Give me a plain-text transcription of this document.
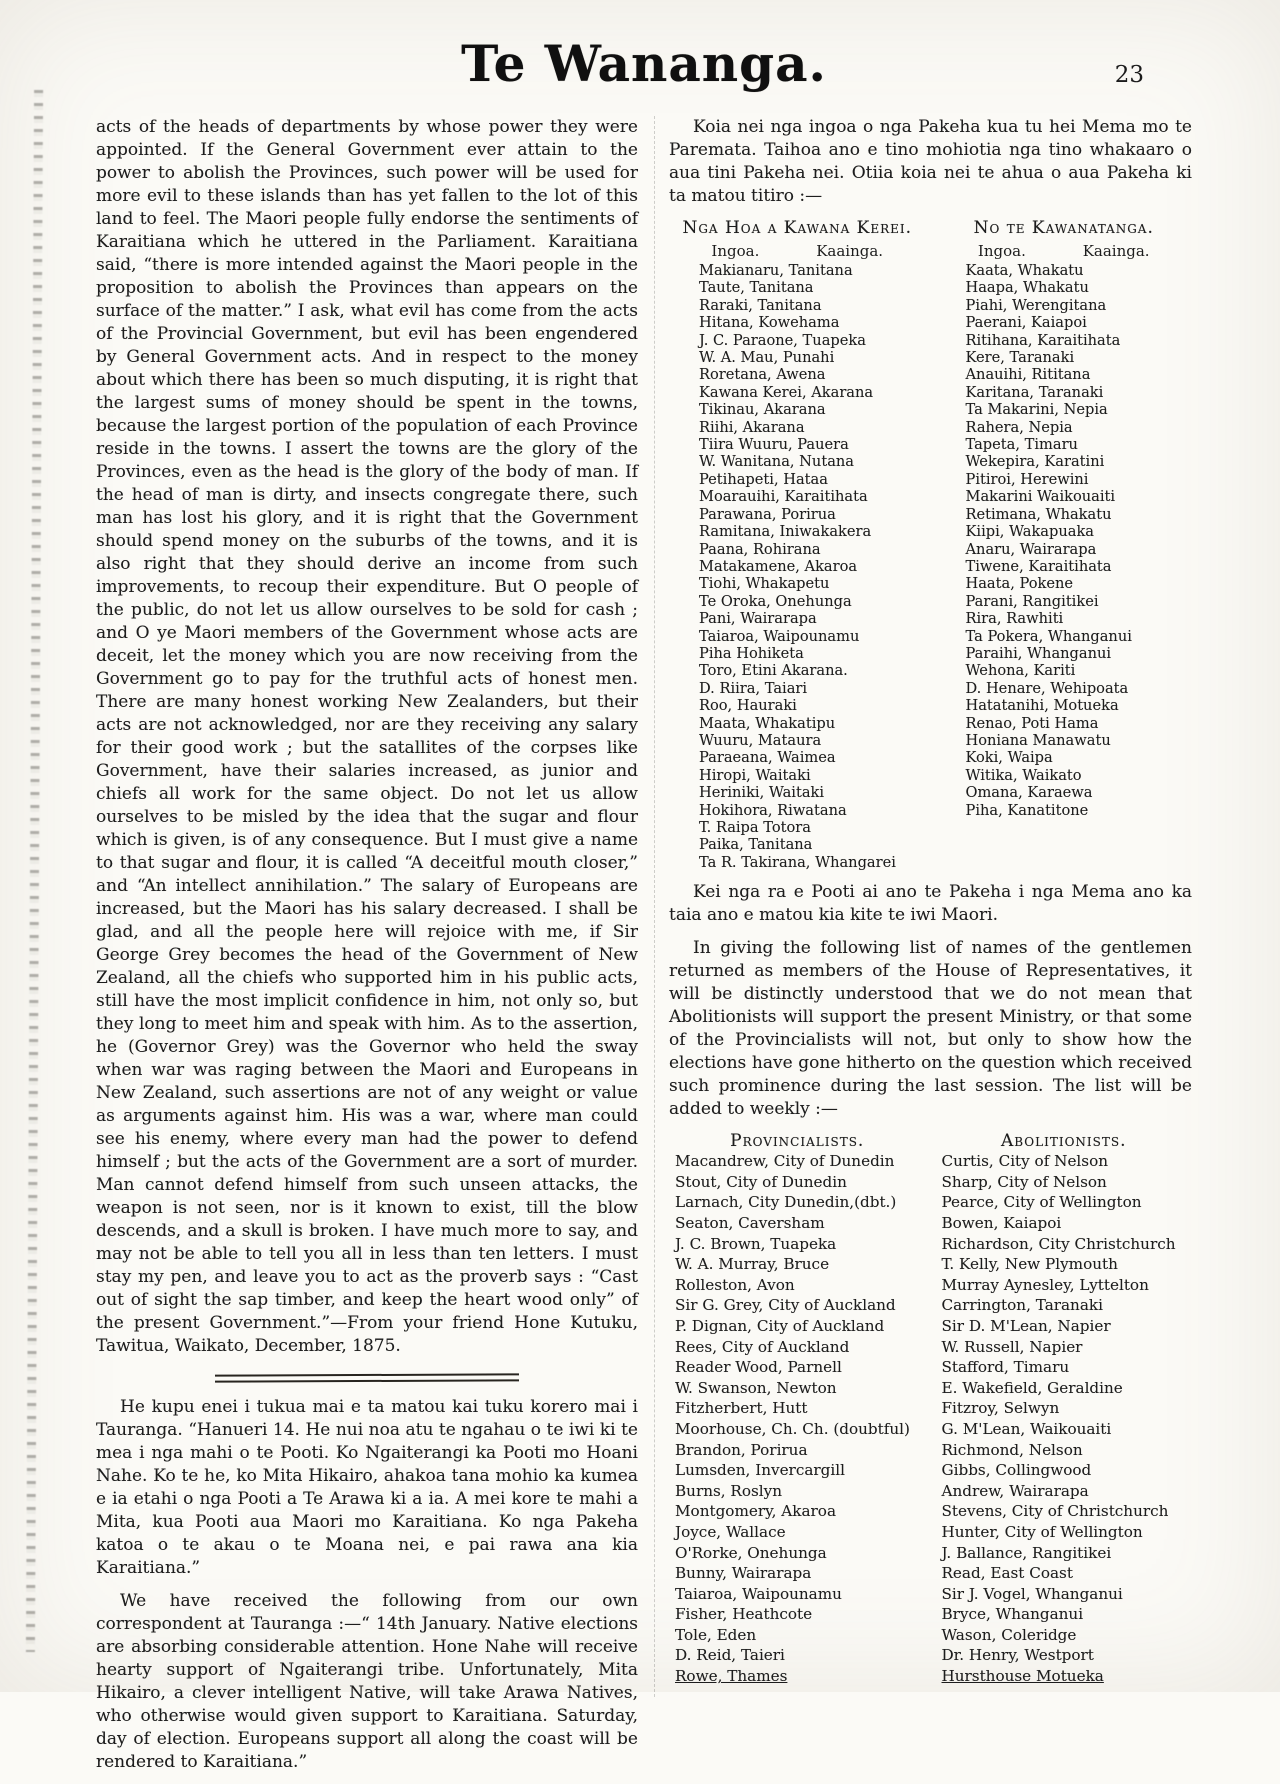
Te Wananga.	23

acts of the heads of departments by whose power they were appointed. If the General Government ever attain to the power to abolish the Provinces, such power will be used for more evil to these islands than has yet fallen to the lot of this land to feel. The Maori people fully endorse the sentiments of Karaitiana which he uttered in the Parliament. Karaitiana said, “there is more intended against the Maori people in the proposition to abolish the Provinces than appears on the surface of the matter.” I ask, what evil has come from the acts of the Provincial Government, but evil has been engendered by General Government acts. And in respect to the money about which there has been so much disputing, it is right that the largest sums of money should be spent in the towns, because the largest portion of the population of each Province reside in the towns. I assert the towns are the glory of the Provinces, even as the head is the glory of the body of man. If the head of man is dirty, and insects congregate there, such man has lost his glory, and it is right that the Government should spend money on the suburbs of the towns, and it is also right that they should derive an income from such improvements, to recoup their expenditure. But O people of the public, do not let us allow ourselves to be sold for cash ; and O ye Maori members of the Government whose acts are deceit, let the money which you are now receiving from the Government go to pay for the truthful acts of honest men. There are many honest working New Zealanders, but their acts are not acknowledged, nor are they receiving any salary for their good work ; but the satallites of the corpses like Government, have their salaries increased, as junior and chiefs all work for the same object. Do not let us allow ourselves to be misled by the idea that the sugar and flour which is given, is of any consequence. But I must give a name to that sugar and flour, it is called “A deceitful mouth closer,” and “An intellect annihilation.” The salary of Europeans are increased, but the Maori has his salary decreased. I shall be glad, and all the people here will rejoice with me, if Sir George Grey becomes the head of the Government of New Zealand, all the chiefs who supported him in his public acts, still have the most implicit confidence in him, not only so, but they long to meet him and speak with him. As to the assertion, he (Governor Grey) was the Governor who held the sway when war was raging between the Maori and Europeans in New Zealand, such assertions are not of any weight or value as arguments against him. His was a war, where man could see his enemy, where every man had the power to defend himself ; but the acts of the Government are a sort of murder. Man cannot defend himself from such unseen attacks, the weapon is not seen, nor is it known to exist, till the blow descends, and a skull is broken. I have much more to say, and may not be able to tell you all in less than ten letters. I must stay my pen, and leave you to act as the proverb says : “Cast out of sight the sap timber, and keep the heart wood only” of the present Government.”—From your friend Hone Kutuku, Tawitua, Waikato, December, 1875.

He kupu enei i tukua mai e ta matou kai tuku korero mai i Tauranga. “Hanueri 14. He nui noa atu te ngahau o te iwi ki te mea i nga mahi o te Pooti. Ko Ngaiterangi ka Pooti mo Hoani Nahe. Ko te he, ko Mita Hikairo, ahakoa tana mohio ka kumea e ia etahi o nga Pooti a Te Arawa ki a ia. A mei kore te mahi a Mita, kua Pooti aua Maori mo Karaitiana. Ko nga Pakeha katoa o te akau o te Moana nei, e pai rawa ana kia Karaitiana.”

We have received the following from our own correspondent at Tauranga :—“ 14th January. Native elections are absorbing considerable attention. Hone Nahe will receive hearty support of Ngaiterangi tribe. Unfortunately, Mita Hikairo, a clever intelligent Native, will take Arawa Natives, who otherwise would given support to Karaitiana. Saturday, day of election. Europeans support all along the coast will be rendered to Karaitiana.”

Koia nei nga ingoa o nga Pakeha kua tu hei Mema mo te Paremata. Taihoa ano e tino mohiotia nga tino whakaaro o aua tini Pakeha nei. Otiia koia nei te ahua o aua Pakeha ki ta matou titiro :—

Nga Hoa a Kawana Kerei.
Ingoa.	Kaainga.
Makianaru, Tanitana
Taute, Tanitana
Raraki, Tanitana
Hitana, Kowehama
J. C. Paraone, Tuapeka
W. A. Mau, Punahi
Roretana, Awena
Kawana Kerei, Akarana
Tikinau, Akarana
Riihi, Akarana
Tiira Wuuru, Pauera
W. Wanitana, Nutana
Petihapeti, Hataa
Moarauihi, Karaitihata
Parawana, Porirua
Ramitana, Iniwakakera
Paana, Rohirana
Matakamene, Akaroa
Tiohi, Whakapetu
Te Oroka, Onehunga
Pani, Wairarapa
Taiaroa, Waipounamu
Piha Hohiketa
Toro, Etini Akarana.
D. Riira, Taiari
Roo, Hauraki
Maata, Whakatipu
Wuuru, Mataura
Paraeana, Waimea
Hiropi, Waitaki
Heriniki, Waitaki
Hokihora, Riwatana
T. Raipa Totora
Paika, Tanitana
Ta R. Takirana, Whangarei
No te Kawanatanga.
Ingoa.	Kaainga.
Kaata, Whakatu
Haapa, Whakatu
Piahi, Werengitana
Paerani, Kaiapoi
Ritihana, Karaitihata
Kere, Taranaki
Anauihi, Rititana
Karitana, Taranaki
Ta Makarini, Nepia
Rahera, Nepia
Tapeta, Timaru
Wekepira, Karatini
Pitiroi, Herewini
Makarini Waikouaiti
Retimana, Whakatu
Kiipi, Wakapuaka
Anaru, Wairarapa
Tiwene, Karaitihata
Haata, Pokene
Parani, Rangitikei
Rira, Rawhiti
Ta Pokera, Whanganui
Paraihi, Whanganui
Wehona, Kariti
D. Henare, Wehipoata
Hatatanihi, Motueka
Renao, Poti Hama
Honiana Manawatu
Koki, Waipa
Witika, Waikato
Omana, Karaewa
Piha, Kanatitone

Kei nga ra e Pooti ai ano te Pakeha i nga Mema ano ka taia ano e matou kia kite te iwi Maori.

In giving the following list of names of the gentlemen returned as members of the House of Representatives, it will be distinctly understood that we do not mean that Abolitionists will support the present Ministry, or that some of the Provincialists will not, but only to show how the elections have gone hitherto on the question which received such prominence during the last session. The list will be added to weekly :—

Provincialists.
Macandrew, City of Dunedin
Stout, City of Dunedin
Larnach, City Dunedin,(dbt.)
Seaton, Caversham
J. C. Brown, Tuapeka
W. A. Murray, Bruce
Rolleston, Avon
Sir G. Grey, City of Auckland
P. Dignan, City of Auckland
Rees, City of Auckland
Reader Wood, Parnell
W. Swanson, Newton
Fitzherbert, Hutt
Moorhouse, Ch. Ch. (doubtful)
Brandon, Porirua
Lumsden, Invercargill
Burns, Roslyn
Montgomery, Akaroa
Joyce, Wallace
O'Rorke, Onehunga
Bunny, Wairarapa
Taiaroa, Waipounamu
Fisher, Heathcote
Tole, Eden
D. Reid, Taieri
Rowe, Thames
Abolitionists.
Curtis, City of Nelson
Sharp, City of Nelson
Pearce, City of Wellington
Bowen, Kaiapoi
Richardson, City Christchurch
T. Kelly, New Plymouth
Murray Aynesley, Lyttelton
Carrington, Taranaki
Sir D. M'Lean, Napier
W. Russell, Napier
Stafford, Timaru
E. Wakefield, Geraldine
Fitzroy, Selwyn
G. M'Lean, Waikouaiti
Richmond, Nelson
Gibbs, Collingwood
Andrew, Wairarapa
Stevens, City of Christchurch
Hunter, City of Wellington
J. Ballance, Rangitikei
Read, East Coast
Sir J. Vogel, Whanganui
Bryce, Whanganui
Wason, Coleridge
Dr. Henry, Westport
Hursthouse Motueka
